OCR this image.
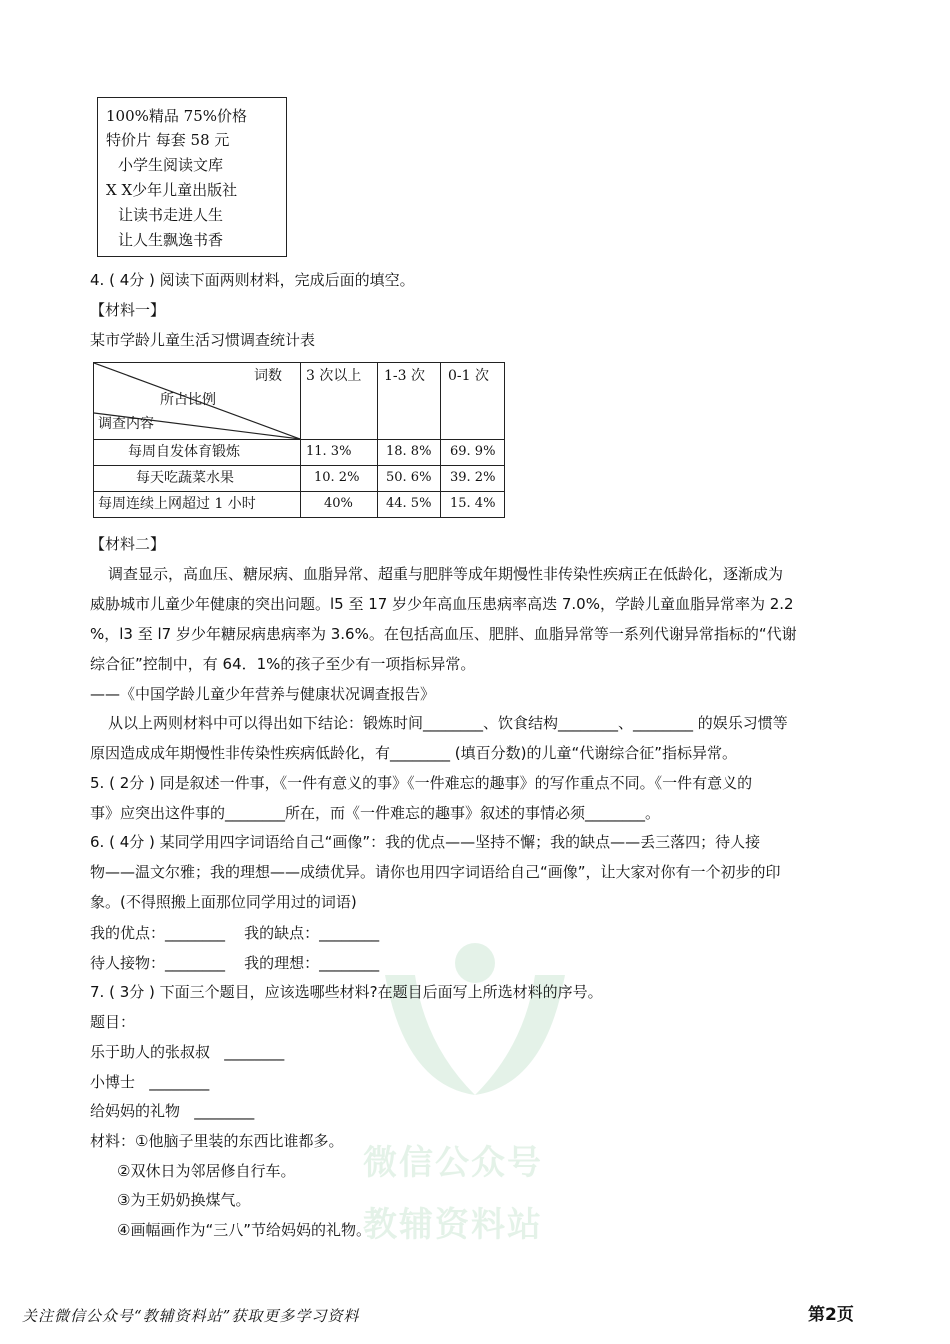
100%精品 75%价格
特价片 每套 58 元
小学生阅读文库
X X少年儿童出版社
让读书走进人生
让人生飘逸书香
4. ( 4分 ) 阅读下面两则材料，完成后面的填空。
【材料一】
某市学龄儿童生活习惯调查统计表
词数
所占比例
调查内容
3 次以上 1-3 次 0-1 次
每周自发体育锻炼	11. 3%	18. 8% 69. 9%
每天吃蔬菜水果	10. 2% 50. 6% 39. 2%
每周连续上网超过 1 小时	40%	44. 5% 15. 4%
【材料二】
调查显示，高血压、糖尿病、血脂异常、超重与肥胖等成年期慢性非传染性疾病正在低龄化，逐渐成为
威胁城市儿童少年健康的突出问题。l5 至 17 岁少年高血压患病率高迭 7.0%，学龄儿童血脂异常率为 2.2
%，l3 至 l7 岁少年糖尿病患病率为 3.6%。在包括高血压、肥胖、血脂异常等一系列代谢异常指标的“代谢
综合征”控制中，有 64．1%的孩子至少有一项指标异常。
——《中国学龄儿童少年营养与健康状况调查报告》
从以上两则材料中可以得出如下结论：锻炼时间________、饮食结构________、________ 的娱乐习惯等
原因造成成年期慢性非传染性疾病低龄化，有________ (填百分数)的儿童“代谢综合征”指标异常。
5. ( 2分 ) 同是叙述一件事，《一件有意义的事》《一件难忘的趣事》的写作重点不同。《一件有意义的
事》应突出这件事的________所在，而《一件难忘的趣事》叙述的事情必须________。
6. ( 4分 ) 某同学用四字词语给自己“画像”：我的优点——坚持不懈；我的缺点——丢三落四；待人接
物——温文尔雅；我的理想——成绩优异。请你也用四字词语给自己“画像”，让大家对你有一个初步的印
象。(不得照搬上面那位同学用过的词语)
我的优点：________    我的缺点：________
待人接物：________    我的理想：________
微信公众号
教辅资料站
7. ( 3分 ) 下面三个题目，应该选哪些材料?在题目后面写上所选材料的序号。
题目：
乐于助人的张叔叔   ________
小博士   ________
给妈妈的礼物   ________
材料：①他脑子里装的东西比谁都多。
②双休日为邻居修自行车。
③为王奶奶换煤气。
④画幅画作为“三八”节给妈妈的礼物。
关注微信公众号“教辅资料站”获取更多学习资料	第2页
